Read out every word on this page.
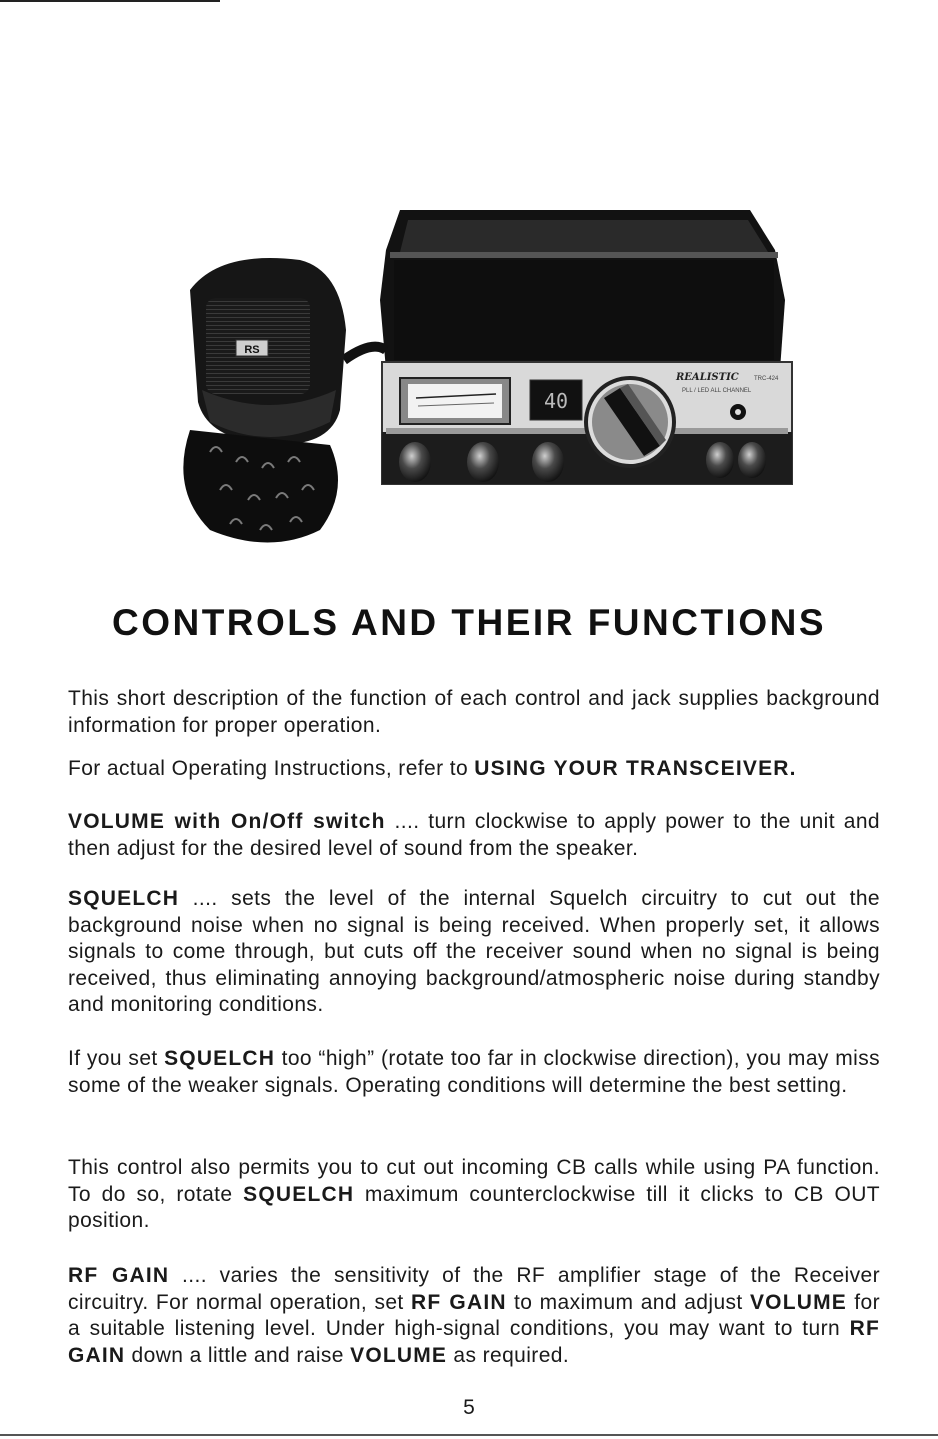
40
REALISTIC	TRC-424
PLL / LED ALL CHANNEL
RS
CONTROLS AND THEIR FUNCTIONS

This short description of the function of each control and jack supplies background information for proper operation.

For actual Operating Instructions, refer to USING YOUR TRANSCEIVER.

VOLUME with On/Off switch .... turn clockwise to apply power to the unit and then adjust for the desired level of sound from the speaker.

SQUELCH .... sets the level of the internal Squelch circuitry to cut out the background noise when no signal is being received. When properly set, it allows signals to come through, but cuts off the receiver sound when no signal is being received, thus eliminating annoying background/atmospheric noise during standby and monitoring conditions.

If you set SQUELCH too “high” (rotate too far in clockwise direction), you may miss some of the weaker signals. Operating conditions will determine the best setting.

This control also permits you to cut out incoming CB calls while using PA function. To do so, rotate SQUELCH maximum counterclockwise till it clicks to CB OUT position.

RF GAIN .... varies the sensitivity of the RF amplifier stage of the Receiver circuitry. For normal operation, set RF GAIN to maximum and adjust VOLUME for a suitable listening level. Under high-signal conditions, you may want to turn RF GAIN down a little and raise VOLUME as required.

5
